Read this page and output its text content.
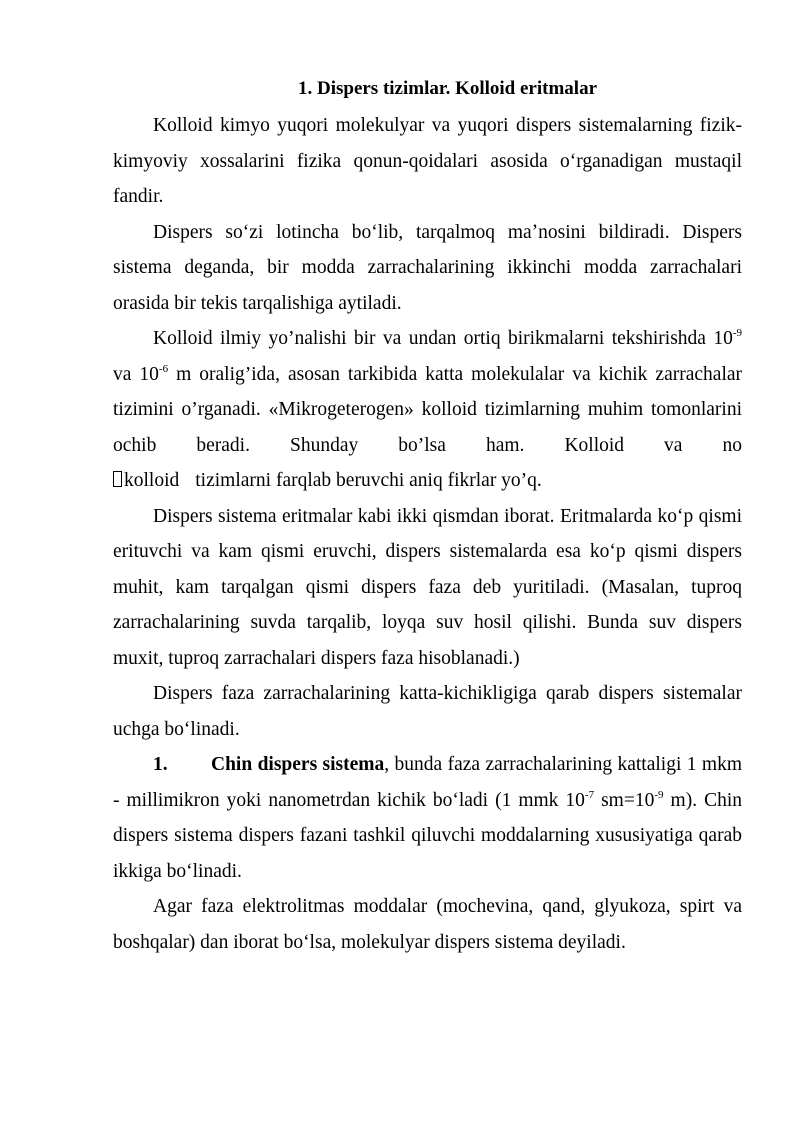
1. Dispers tizimlar. Kolloid eritmalar

Kolloid kimyo yuqori molekulyar va yuqori dispers sistemalarning fizik-kimyoviy xossalarini fizika qonun-qoidalari asosida oʻrganadigan mustaqil fandir.

Dispers soʻzi lotincha boʻlib, tarqalmoq maʼnosini bildiradi. Dispers sistema deganda, bir modda zarrachalarining ikkinchi modda zarrachalari orasida bir tekis tarqalishiga aytiladi.

Kolloid ilmiy yo’nalishi bir va undan ortiq birikmalarni tekshirishda $10^{-9}$ va $10^{-6}$ m oralig’ida, asosan tarkibida katta molekulalar va kichik zarrachalar tizimini o’rganadi. «Mikrogeterogen» kolloid tizimlarning muhim tomonlarini ochib beradi. Shunday bo’lsa ham. Kolloid va no

kolloid tizimlarni farqlab beruvchi aniq fikrlar yo’q.

Dispers sistema eritmalar kabi ikki qismdan iborat. Eritmalarda koʻp qismi erituvchi va kam qismi eruvchi, dispers sistemalarda esa koʻp qismi dispers muhit, kam tarqalgan qismi dispers faza deb yuritiladi. (Masalan, tuproq zarrachalarining suvda tarqalib, loyqa suv hosil qilishi. Bunda suv dispers muxit, tuproq zarrachalari dispers faza hisoblanadi.)

Dispers faza zarrachalarining katta-kichikligiga qarab dispers sistemalar uchga boʻlinadi.

1. Chin dispers sistema, bunda faza zarrachalarining kattaligi 1 mkm - millimikron yoki nanometrdan kichik boʻladi (1 mmk $10^{-7}$ $sm=10^{-9}$ m). Chin dispers sistema dispers fazani tashkil qiluvchi moddalarning xususiyatiga qarab ikkiga boʻlinadi.

Agar faza elektrolitmas moddalar (mochevina, qand, glyukoza, spirt va boshqalar) dan iborat boʻlsa, molekulyar dispers sistema deyiladi.
